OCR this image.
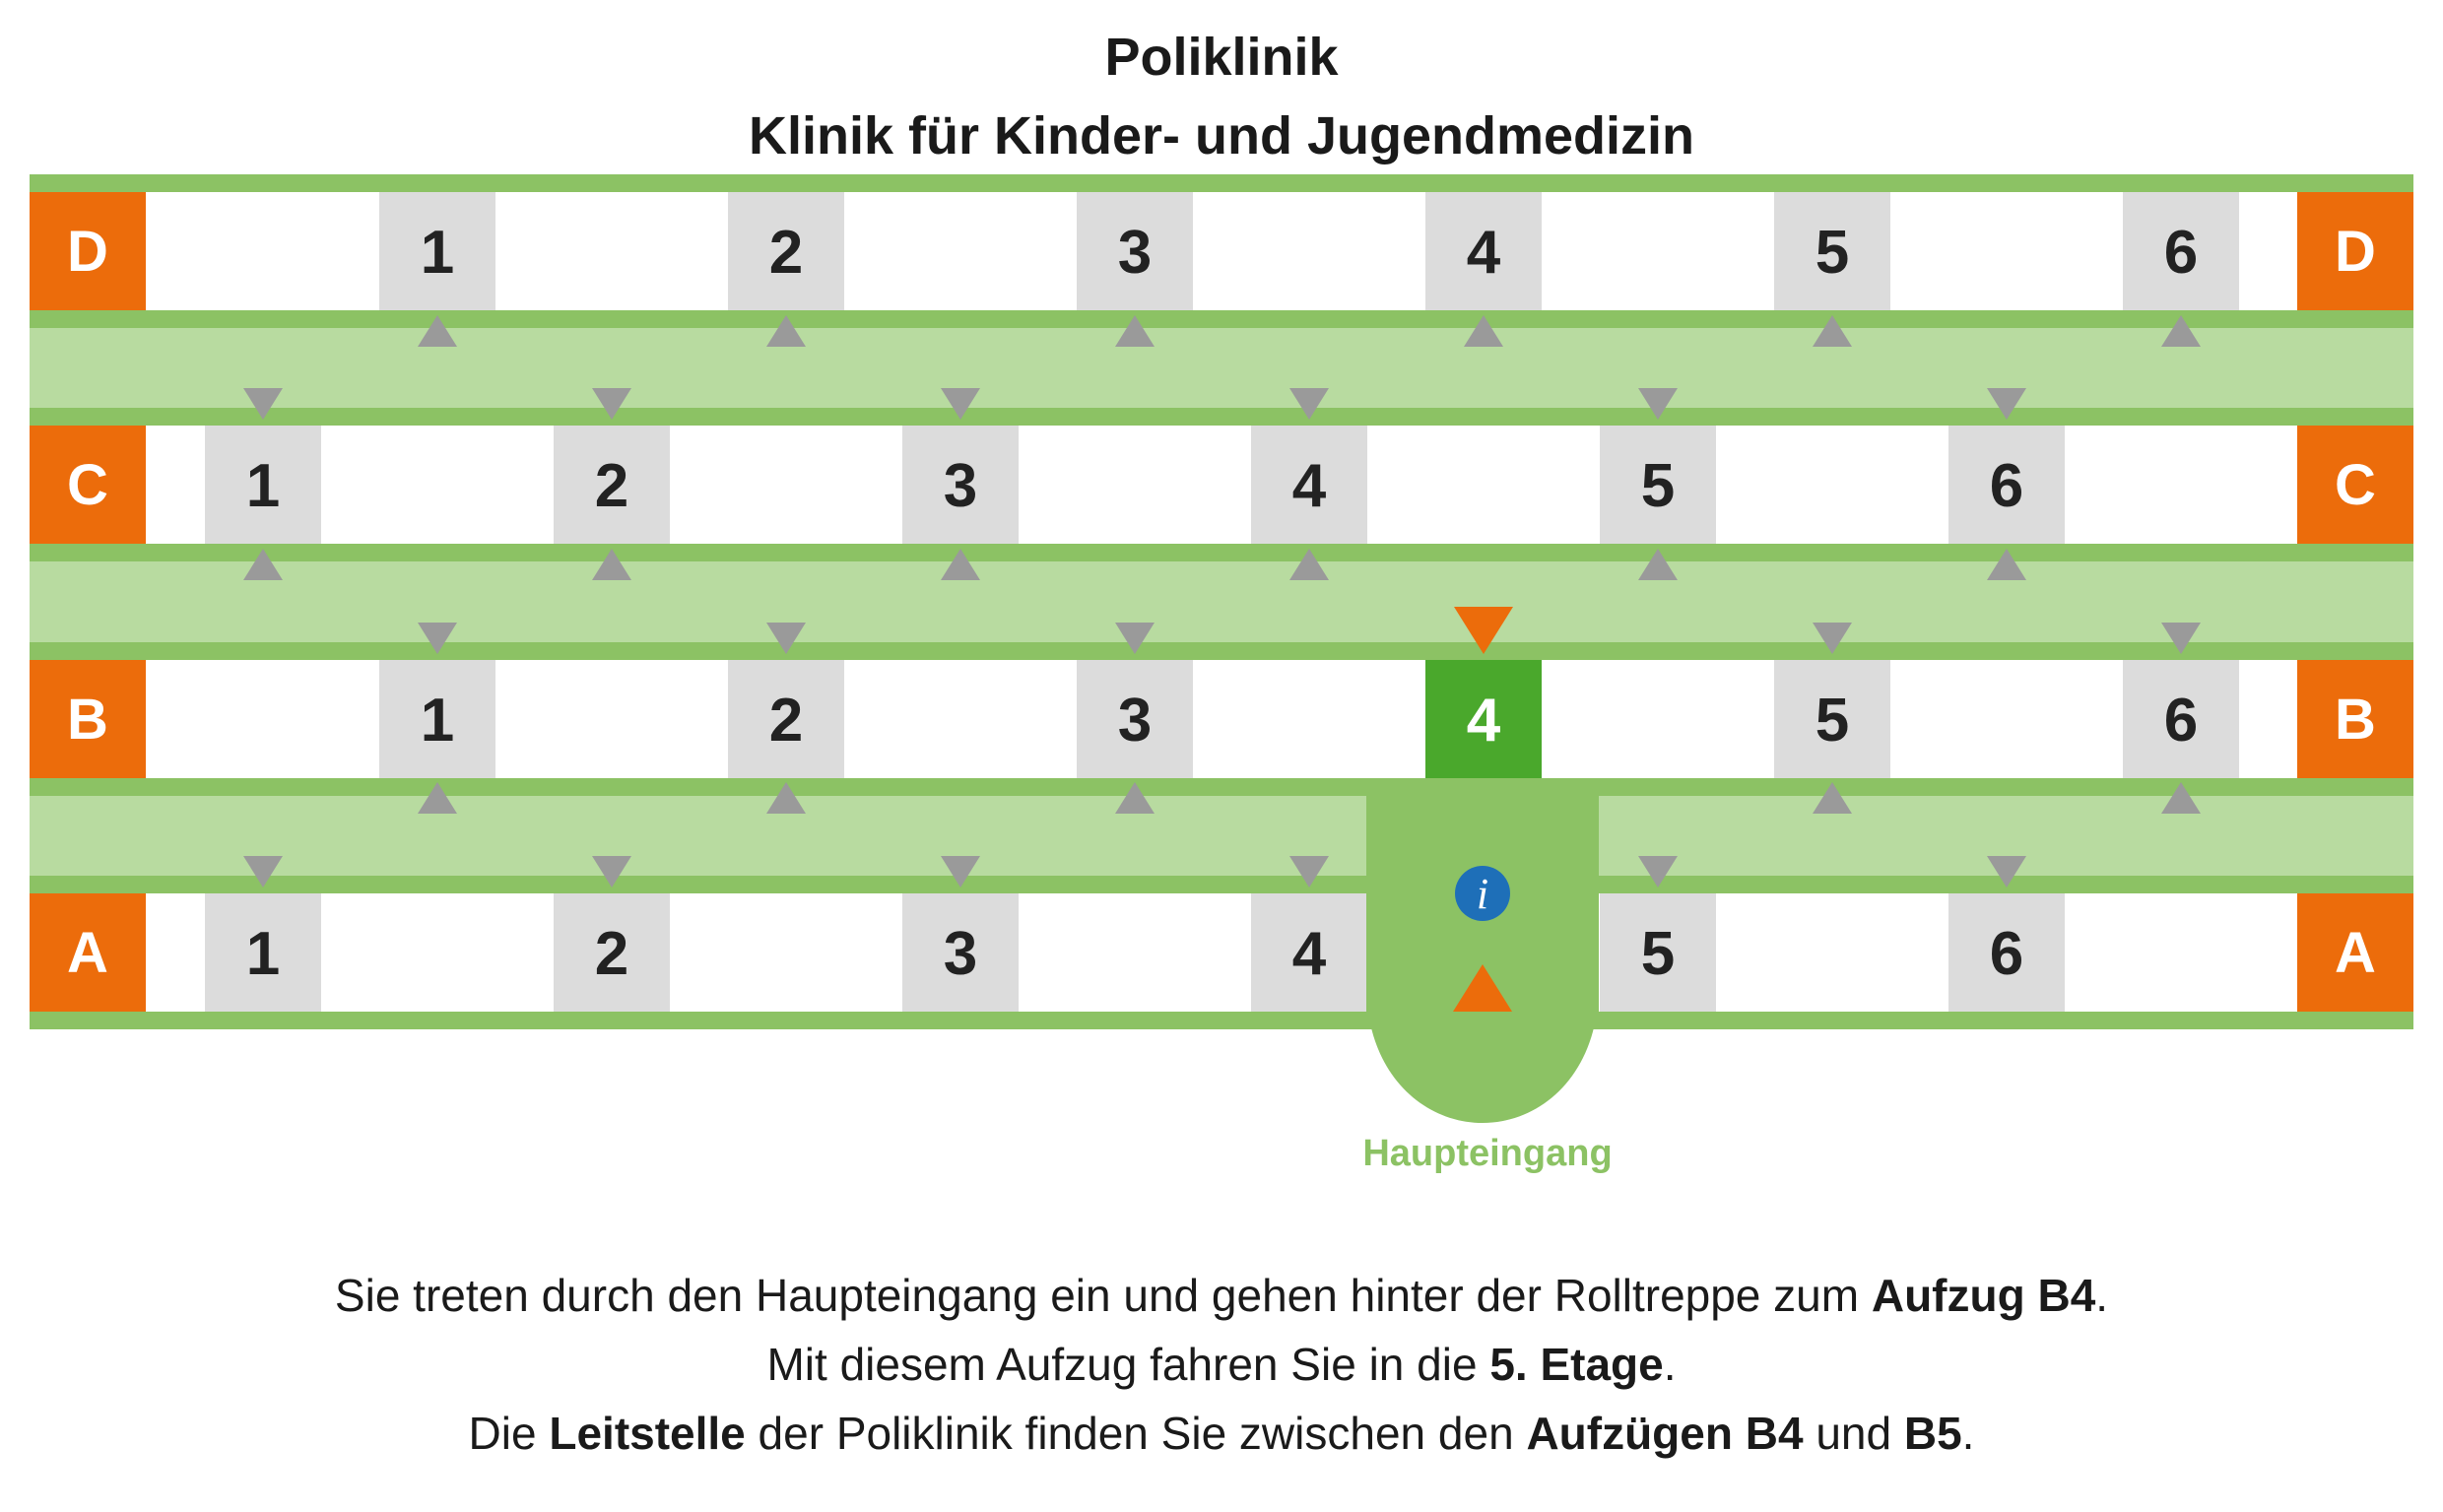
Poliklinik
Klinik für Kinder- und Jugendmedizin
D	D
1	2	3	4	5	6
C	C
1	2	3	4	5	6
B	B
1	2	3	4	5	6
A	A
1	2	3	4	5	6
i
Haupteingang
Sie treten durch den Haupteingang ein und gehen hinter der Rolltreppe zum Aufzug B4.
Mit diesem Aufzug fahren Sie in die 5. Etage.
Die Leitstelle der Poliklinik finden Sie zwischen den Aufzügen B4 und B5.
